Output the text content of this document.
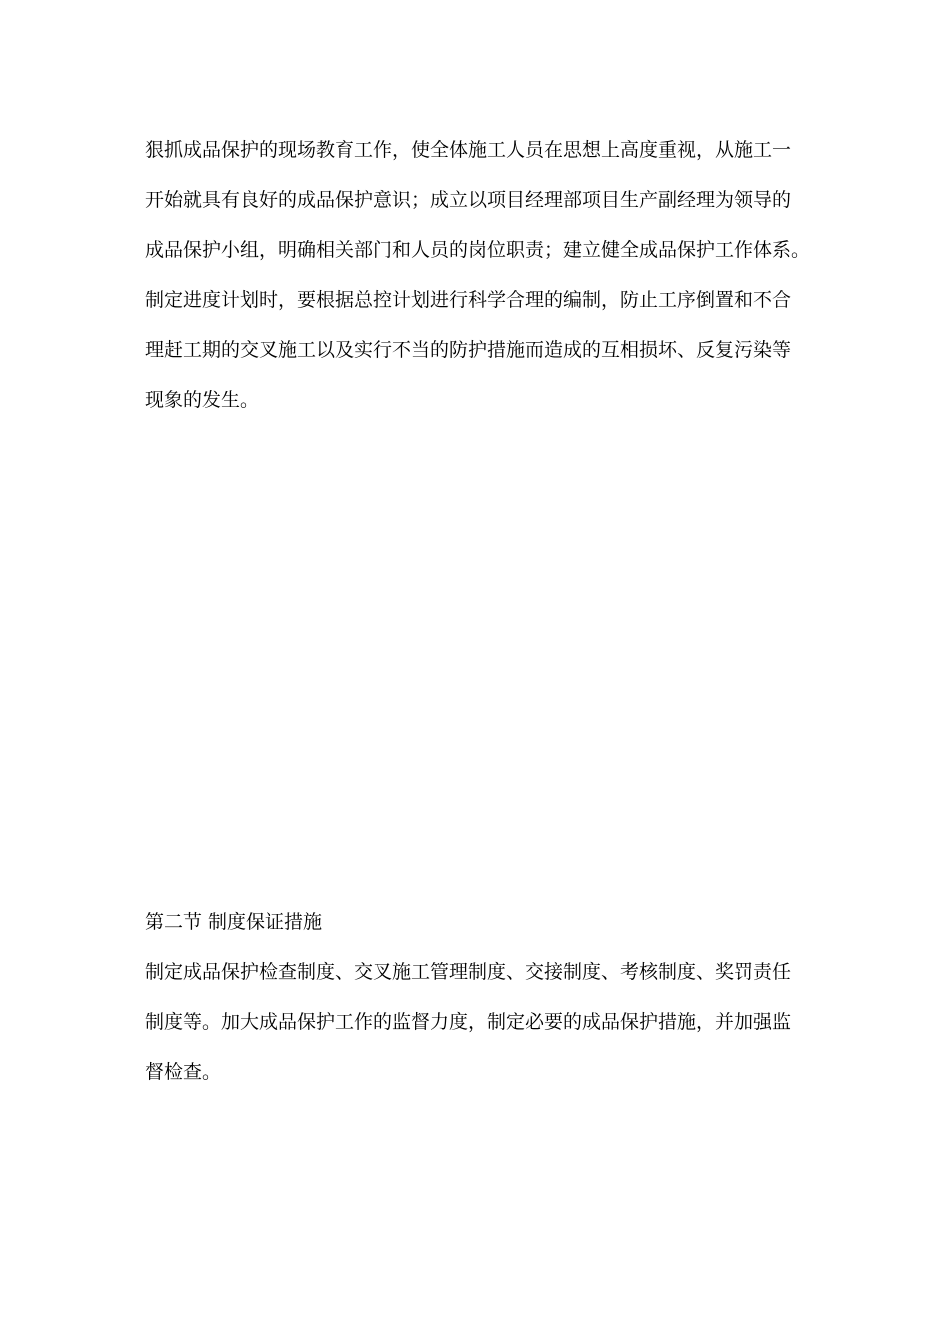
狠抓成品保护的现场教育工作，使全体施工人员在思想上高度重视，从施工一
开始就具有良好的成品保护意识；成立以项目经理部项目生产副经理为领导的
成品保护小组，明确相关部门和人员的岗位职责；建立健全成品保护工作体系。
制定进度计划时，要根据总控计划进行科学合理的编制，防止工序倒置和不合
理赶工期的交叉施工以及实行不当的防护措施而造成的互相损坏、反复污染等
现象的发生。
第二节 制度保证措施
制定成品保护检查制度、交叉施工管理制度、交接制度、考核制度、奖罚责任
制度等。加大成品保护工作的监督力度，制定必要的成品保护措施，并加强监
督检查。
